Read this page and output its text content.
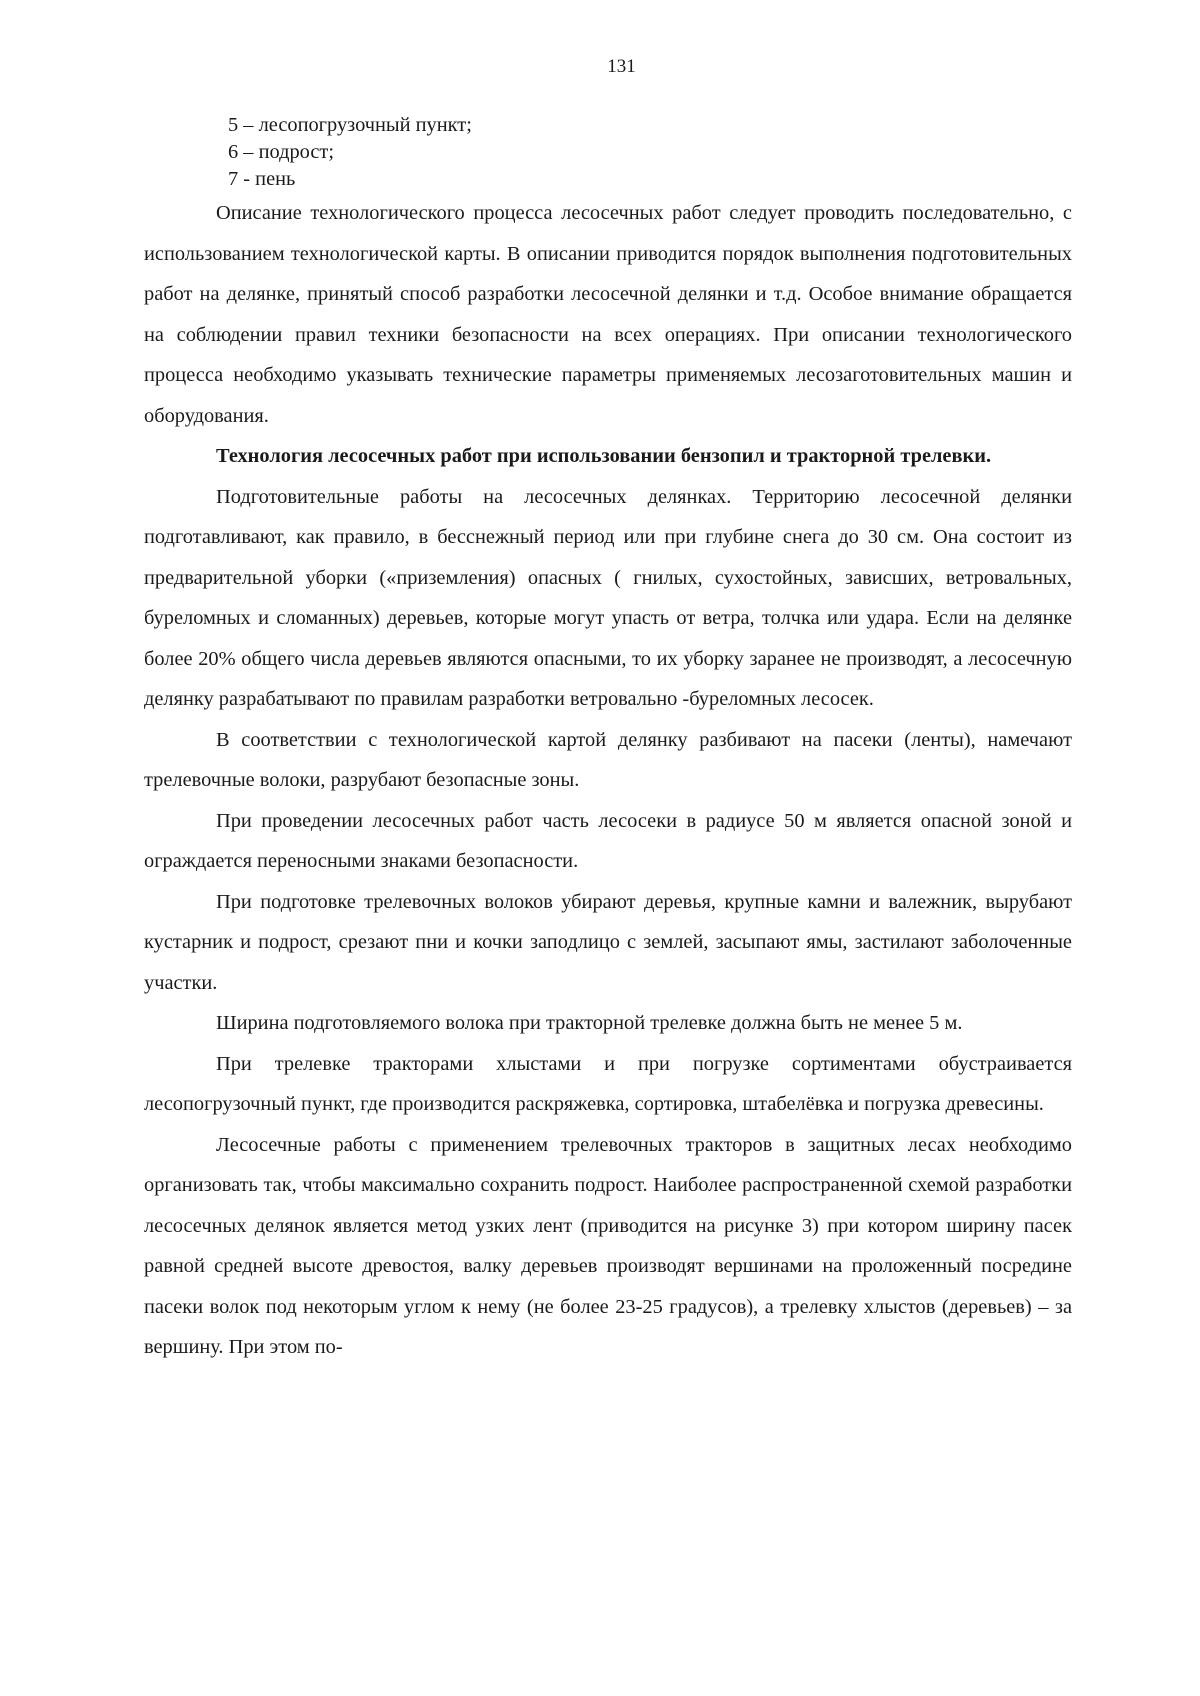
131
5 – лесопогрузочный пункт;
6 – подрост;
7 - пень

Описание технологического процесса лесосечных работ следует проводить последовательно, с использованием технологической карты. В описании приводится порядок выполнения подготовительных работ на делянке, принятый способ разработки лесосечной делянки и т.д. Особое внимание обращается на соблюдении правил техники безопасности на всех операциях. При описании технологического процесса необходимо указывать технические параметры применяемых лесозаготовительных машин и оборудования.

Технология лесосечных работ при использовании бензопил и тракторной трелевки.

Подготовительные работы на лесосечных делянках. Территорию лесосечной делянки подготавливают, как правило, в бесснежный период или при глубине снега до 30 см. Она состоит из предварительной уборки («приземления) опасных ( гнилых, сухостойных, зависших, ветровальных, буреломных и сломанных) деревьев, которые могут упасть от ветра, толчка или удара. Если на делянке более 20% общего числа деревьев являются опасными, то их уборку заранее не производят, а лесосечную делянку разрабатывают по правилам разработки ветровально -буреломных лесосек.

В соответствии с технологической картой делянку разбивают на пасеки (ленты), намечают трелевочные волоки, разрубают безопасные зоны.

При проведении лесосечных работ часть лесосеки в радиусе 50 м является опасной зоной и ограждается переносными знаками безопасности.

При подготовке трелевочных волоков убирают деревья, крупные камни и валежник, вырубают кустарник и подрост, срезают пни и кочки заподлицо с землей, засыпают ямы, застилают заболоченные участки.

Ширина подготовляемого волока при тракторной трелевке должна быть не менее 5 м.

При трелевке тракторами хлыстами и при погрузке сортиментами обустраивается лесопогрузочный пункт, где производится раскряжевка, сортировка, штабелёвка и погрузка древесины.

Лесосечные работы с применением трелевочных тракторов в защитных лесах необходимо организовать так, чтобы максимально сохранить подрост. Наиболее распространенной схемой разработки лесосечных делянок является метод узких лент (приводится на рисунке 3) при котором ширину пасек равной средней высоте древостоя, валку деревьев производят вершинами на проложенный посредине пасеки волок под некоторым углом к нему (не более 23-25 градусов), а трелевку хлыстов (деревьев) – за вершину. При этом по-
